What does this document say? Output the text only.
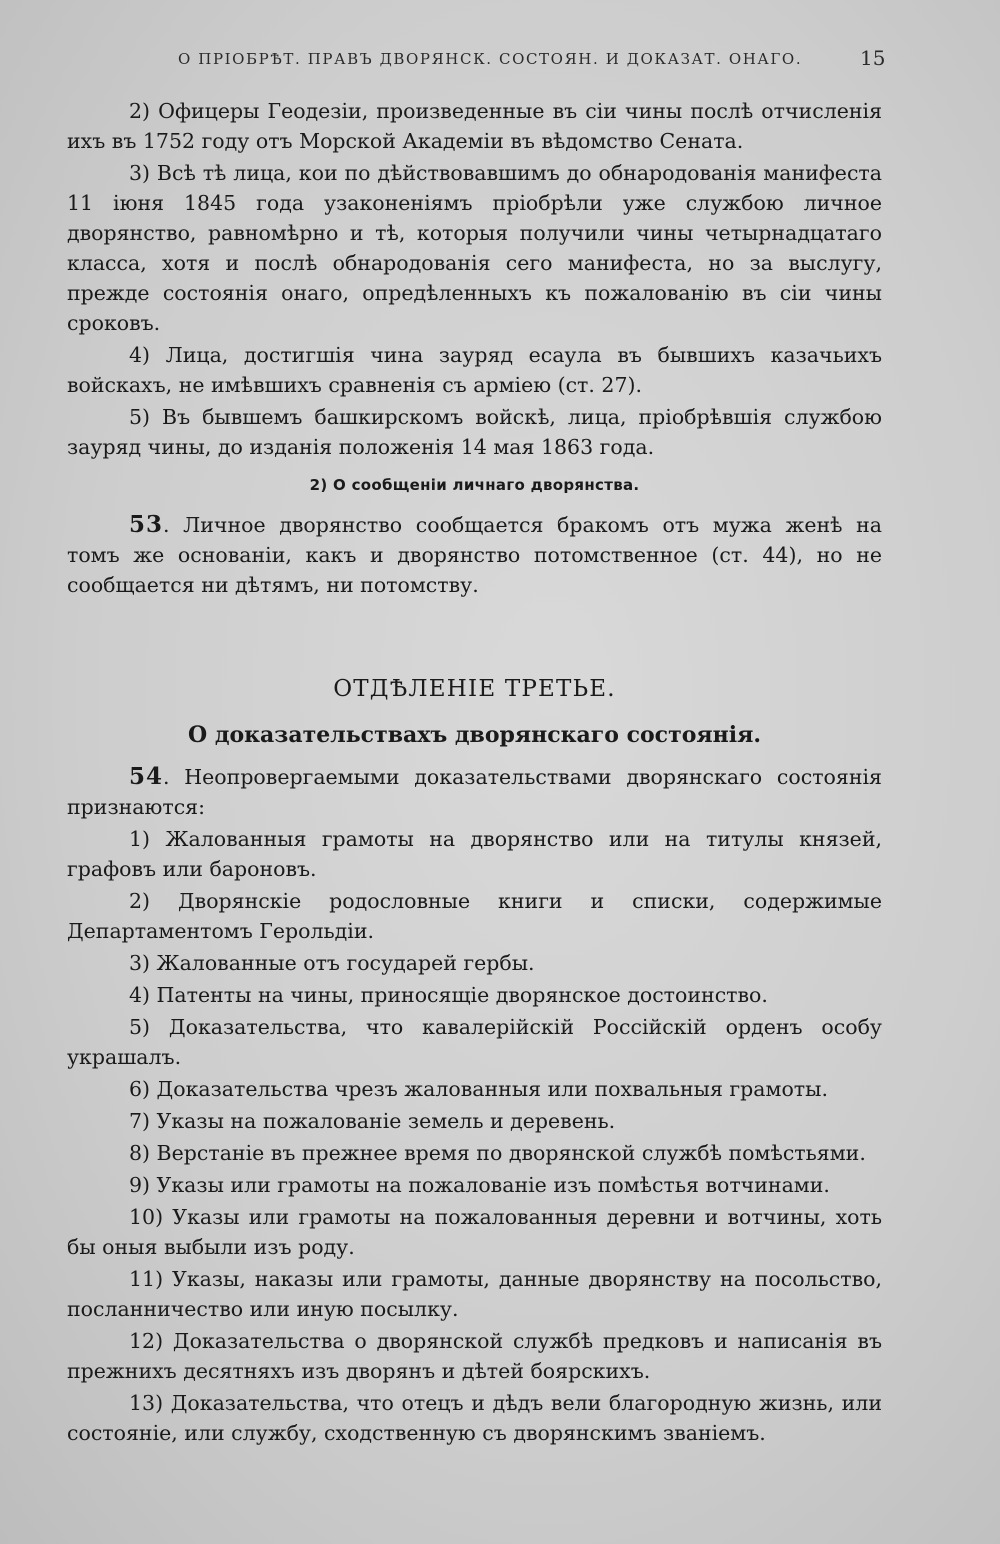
О ПРІОБРѢТ. ПРАВЪ ДВОРЯНСК. СОСТОЯН. И ДОКАЗАТ. ОНАГО.	15

2) Офицеры Геодезіи, произведенные въ сіи чины послѣ отчисленія ихъ въ 1752 году отъ Морской Академіи въ вѣдомство Сената.

3) Всѣ тѣ лица, кои по дѣйствовавшимъ до обнародованія манифеста 11 іюня 1845 года узаконеніямъ пріобрѣли уже службою личное дворянство, равномѣрно и тѣ, которыя получили чины четырнадцатаго класса, хотя и послѣ обнародованія сего манифеста, но за выслугу, прежде состоянія онаго, опредѣленныхъ къ пожалованію въ сіи чины сроковъ.

4) Лица, достигшія чина зауряд есаула въ бывшихъ казачьихъ войскахъ, не имѣвшихъ сравненія съ арміею (ст. 27).

5) Въ бывшемъ башкирскомъ войскѣ, лица, пріобрѣвшія службою зауряд чины, до изданія положенія 14 мая 1863 года.

2) О сообщенiи личнаго дворянства.

53. Личное дворянство сообщается бракомъ отъ мужа женѣ на томъ же основаніи, какъ и дворянство потомственное (ст. 44), но не сообщается ни дѣтямъ, ни потомству.

ОТДѢЛЕНІЕ ТРЕТЬЕ.
О доказательствахъ дворянскаго состоянія.

54. Неопровергаемыми доказательствами дворянскаго состоянія признаются:

1) Жалованныя грамоты на дворянство или на титулы князей, графовъ или бароновъ.

2) Дворянскіе родословные книги и списки, содержимые Департаментомъ Герольдіи.

3) Жалованные отъ государей гербы.

4) Патенты на чины, приносящіе дворянское достоинство.

5) Доказательства, что кавалерійскій Россійскій орденъ особу украшалъ.

6) Доказательства чрезъ жалованныя или похвальныя грамоты.

7) Указы на пожалованіе земель и деревень.

8) Верстаніе въ прежнее время по дворянской службѣ помѣстьями.

9) Указы или грамоты на пожалованіе изъ помѣстья вотчинами.

10) Указы или грамоты на пожалованныя деревни и вотчины, хоть бы оныя выбыли изъ роду.

11) Указы, наказы или грамоты, данные дворянству на посольство, посланничество или иную посылку.

12) Доказательства о дворянской службѣ предковъ и написанія въ прежнихъ десятняхъ изъ дворянъ и дѣтей боярскихъ.

13) Доказательства, что отецъ и дѣдъ вели благородную жизнь, или состояніе, или службу, сходственную съ дворянскимъ званіемъ.
